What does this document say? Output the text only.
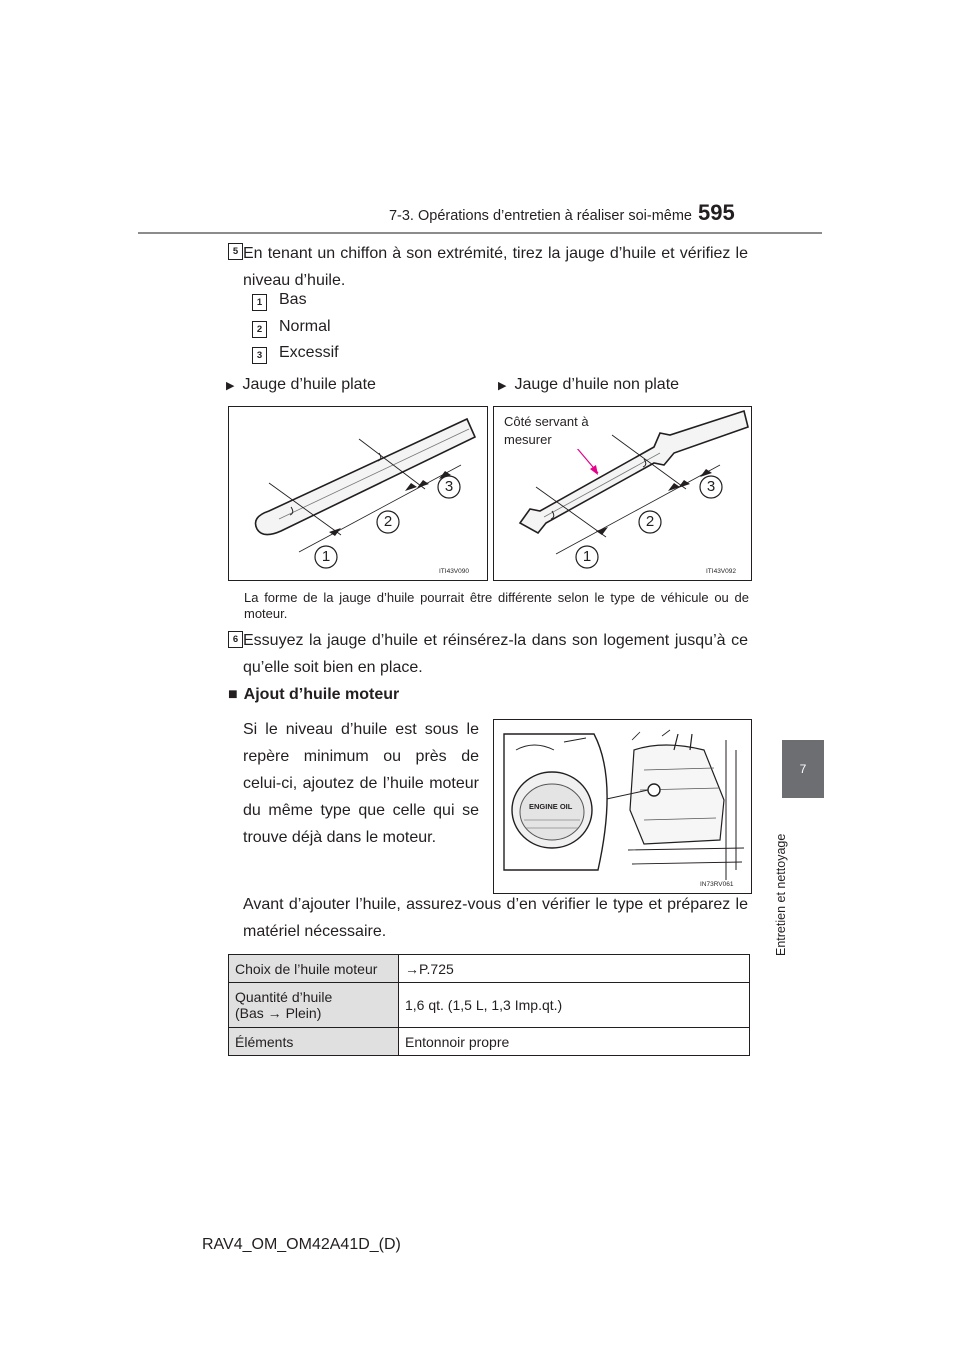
7-3. Opérations d’entretien à réaliser soi-même 595
7
Entretien et nettoyage
5 En tenant un chiffon à son extrémité, tirez la jauge d’huile et vérifiez le niveau d’huile.
1	Bas
2	Normal
3	Excessif
▶ Jauge d’huile plate	▶ Jauge d’huile non plate
1
2
3
ITI43V090
Côté servant à
mesurer
1
2
3
ITI43V092
La forme de la jauge d’huile pourrait être différente selon le type de véhicule ou de moteur.
6 Essuyez la jauge d’huile et réinsérez-la dans son logement jusqu’à ce qu’elle soit bien en place.
■ Ajout d’huile moteur
Si le niveau d’huile est sous le repère minimum ou près de celui-ci, ajoutez de l’huile moteur du même type que celle qui se trouve déjà dans le moteur.
ENGINE OIL
IN73RV061
Avant d’ajouter l’huile, assurez-vous d’en vérifier le type et préparez le matériel nécessaire.
Choix de l’huile moteur	→P.725
Quantité d’huile
(Bas → Plein)	1,6 qt. (1,5 L, 1,3 Imp.qt.)
Éléments	Entonnoir propre
RAV4_OM_OM42A41D_(D)
